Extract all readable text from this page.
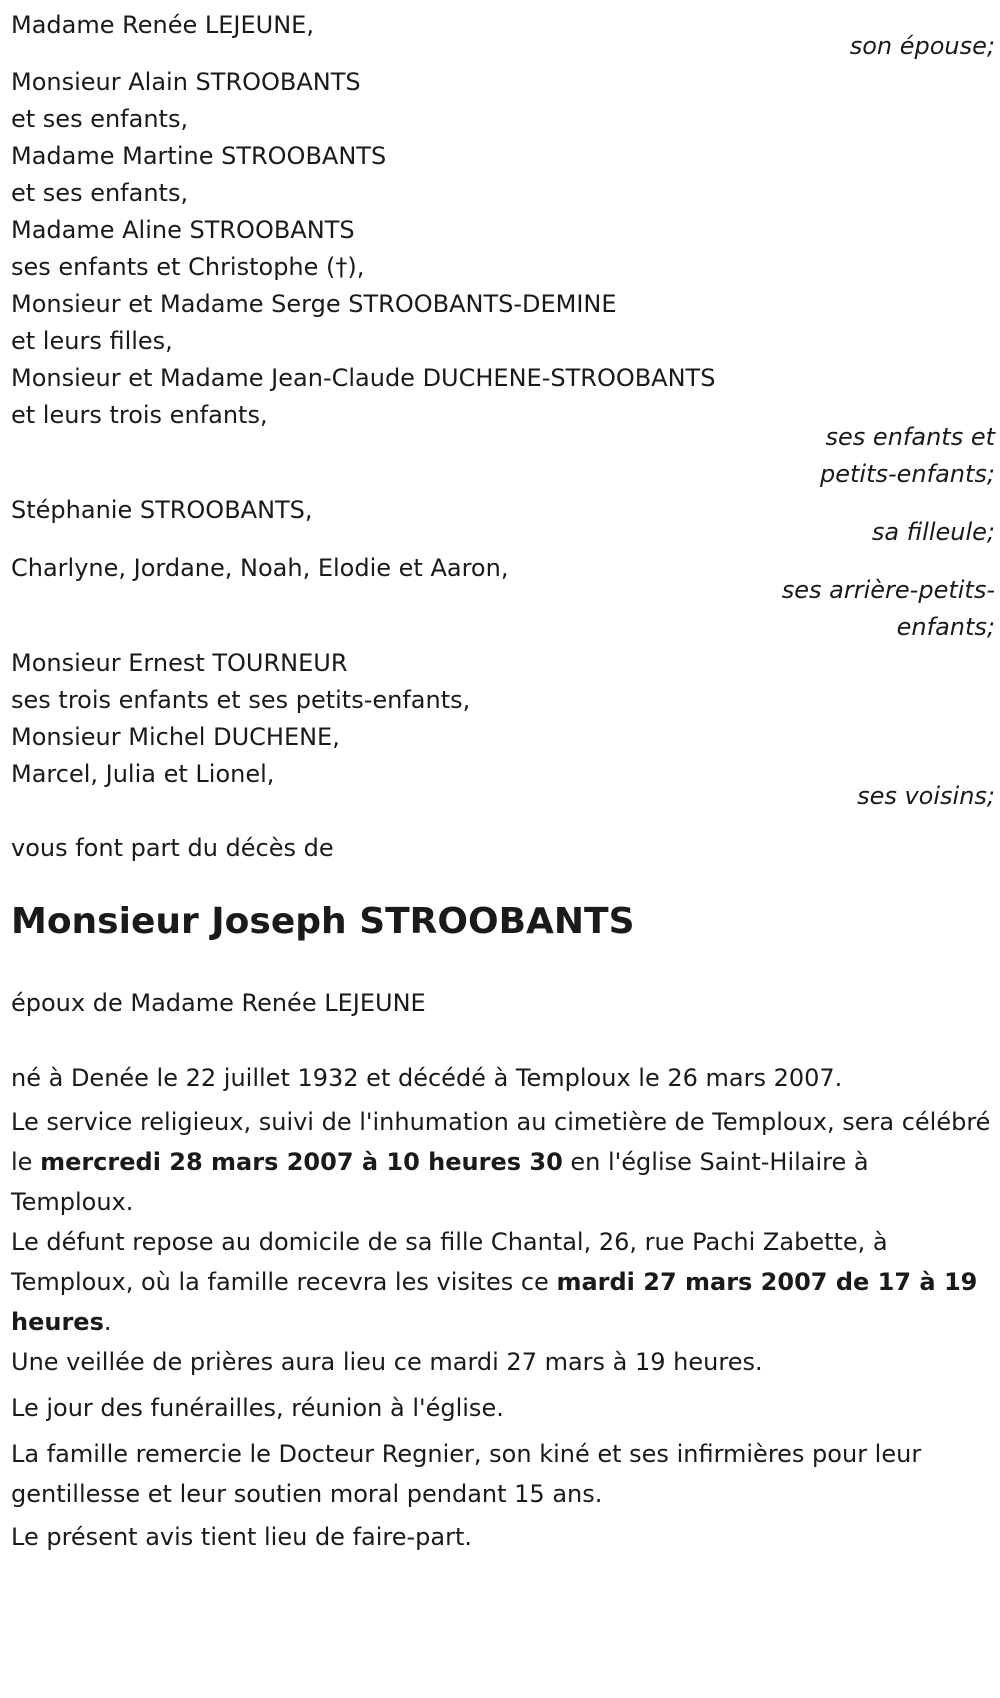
Madame Renée LEJEUNE,
son épouse;
Monsieur Alain STROOBANTS
et ses enfants,
Madame Martine STROOBANTS
et ses enfants,
Madame Aline STROOBANTS
ses enfants et Christophe (†),
Monsieur et Madame Serge STROOBANTS-DEMINE
et leurs filles,
Monsieur et Madame Jean-Claude DUCHENE-STROOBANTS
et leurs trois enfants,
ses enfants et
petits-enfants;
Stéphanie STROOBANTS,
sa filleule;
Charlyne, Jordane, Noah, Elodie et Aaron,
ses arrière-petits-
enfants;
Monsieur Ernest TOURNEUR
ses trois enfants et ses petits-enfants,
Monsieur Michel DUCHENE,
Marcel, Julia et Lionel,
ses voisins;
vous font part du décès de
Monsieur Joseph STROOBANTS
époux de Madame Renée LEJEUNE
né à Denée le 22 juillet 1932 et décédé à Temploux le 26 mars 2007.
Le service religieux, suivi de l'inhumation au cimetière de Temploux, sera célébré le mercredi 28 mars 2007 à 10 heures 30 en l'église Saint-Hilaire à Temploux.
Le défunt repose au domicile de sa fille Chantal, 26, rue Pachi Zabette, à Temploux, où la famille recevra les visites ce mardi 27 mars 2007 de 17 à 19 heures.
Une veillée de prières aura lieu ce mardi 27 mars à 19 heures.
Le jour des funérailles, réunion à l'église.
La famille remercie le Docteur Regnier, son kiné et ses infirmières pour leur gentillesse et leur soutien moral pendant 15 ans.
Le présent avis tient lieu de faire-part.
